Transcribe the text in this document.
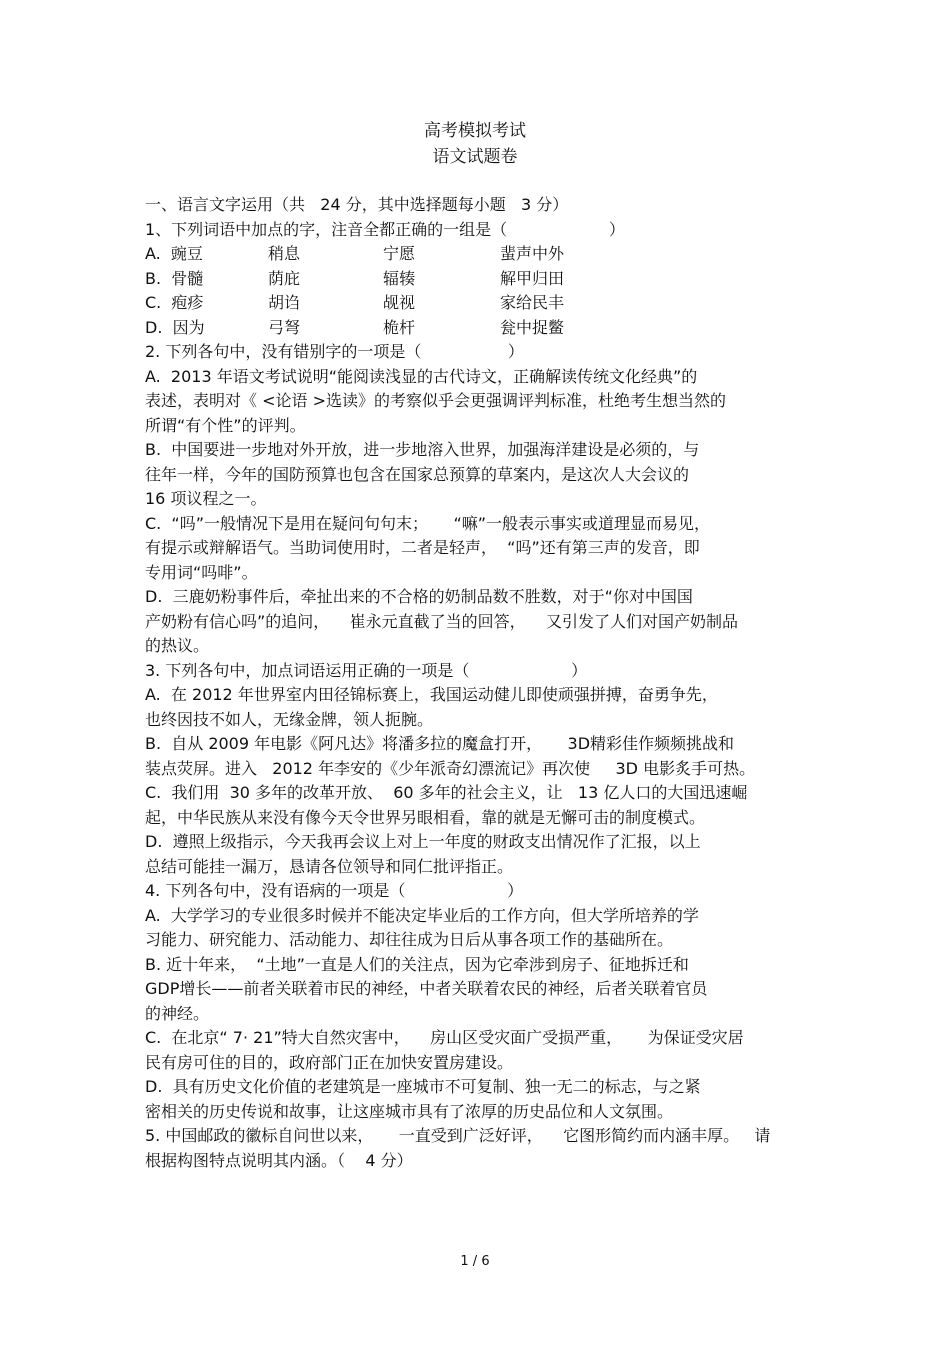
高考模拟考试
语文试题卷
一、语言文字运用（共   24 分，其中选择题每小题   3 分）
1、下列词语中加点的字，注音全都正确的一组是（                    ）
A.  豌豆	稍息	宁愿	蜚声中外
B.  骨髓	荫庇	辐辏	解甲归田
C.  疱疹	胡诌	觇视	家给民丰
D.  因为	弓弩	桅杆	瓮中捉鳖
2. 下列各句中，没有错别字的一项是（                 ）
A.  2013 年语文考试说明“能阅读浅显的古代诗文，正确解读传统文化经典”的
表述，表明对《 <论语 >选读》的考察似乎会更强调评判标准，杜绝考生想当然的
所谓“有个性”的评判。
B.  中国要进一步地对外开放，进一步地溶入世界，加强海洋建设是必须的，与
往年一样，今年的国防预算也包含在国家总预算的草案内，是这次人大会议的
16 项议程之一。
C.  “吗”一般情况下是用在疑问句句末；     “嘛”一般表示事实或道理显而易见，
有提示或辩解语气。当助词使用时，二者是轻声，  “吗”还有第三声的发音，即
专用词“吗啡”。
D.  三鹿奶粉事件后，牵扯出来的不合格的奶制品数不胜数，对于“你对中国国
产奶粉有信心吗”的追问，    崔永元直截了当的回答，    又引发了人们对国产奶制品
的热议。
3. 下列各句中，加点词语运用正确的一项是（                    ）
A.  在 2012 年世界室内田径锦标赛上，我国运动健儿即使顽强拼搏，奋勇争先，
也终因技不如人，无缘金牌，领人扼腕。
B.  自从 2009 年电影《阿凡达》将潘多拉的魔盒打开，     3D精彩佳作频频挑战和
装点荧屏。进入   2012 年李安的《少年派奇幻漂流记》再次使     3D 电影炙手可热。
C.  我们用  30 多年的改革开放、  60 多年的社会主义，让   13 亿人口的大国迅速崛
起，中华民族从来没有像今天令世界另眼相看，靠的就是无懈可击的制度模式。
D.  遵照上级指示，今天我再会议上对上一年度的财政支出情况作了汇报，以上
总结可能挂一漏万，恳请各位领导和同仁批评指正。
4. 下列各句中，没有语病的一项是（                    ）
A.  大学学习的专业很多时候并不能决定毕业后的工作方向，但大学所培养的学
习能力、研究能力、活动能力、却往往成为日后从事各项工作的基础所在。
B. 近十年来，  “土地”一直是人们的关注点，因为它牵涉到房子、征地拆迁和
GDP增长——前者关联着市民的神经，中者关联着农民的神经，后者关联着官员
的神经。
C.  在北京“ 7· 21”特大自然灾害中，    房山区受灾面广受损严重，     为保证受灾居
民有房可住的目的，政府部门正在加快安置房建设。
D.  具有历史文化价值的老建筑是一座城市不可复制、独一无二的标志，与之紧
密相关的历史传说和故事，让这座城市具有了浓厚的历史品位和人文氛围。
5. 中国邮政的徽标自问世以来，     一直受到广泛好评，    它图形简约而内涵丰厚。   请
根据构图特点说明其内涵。（    4 分）
1 / 6
